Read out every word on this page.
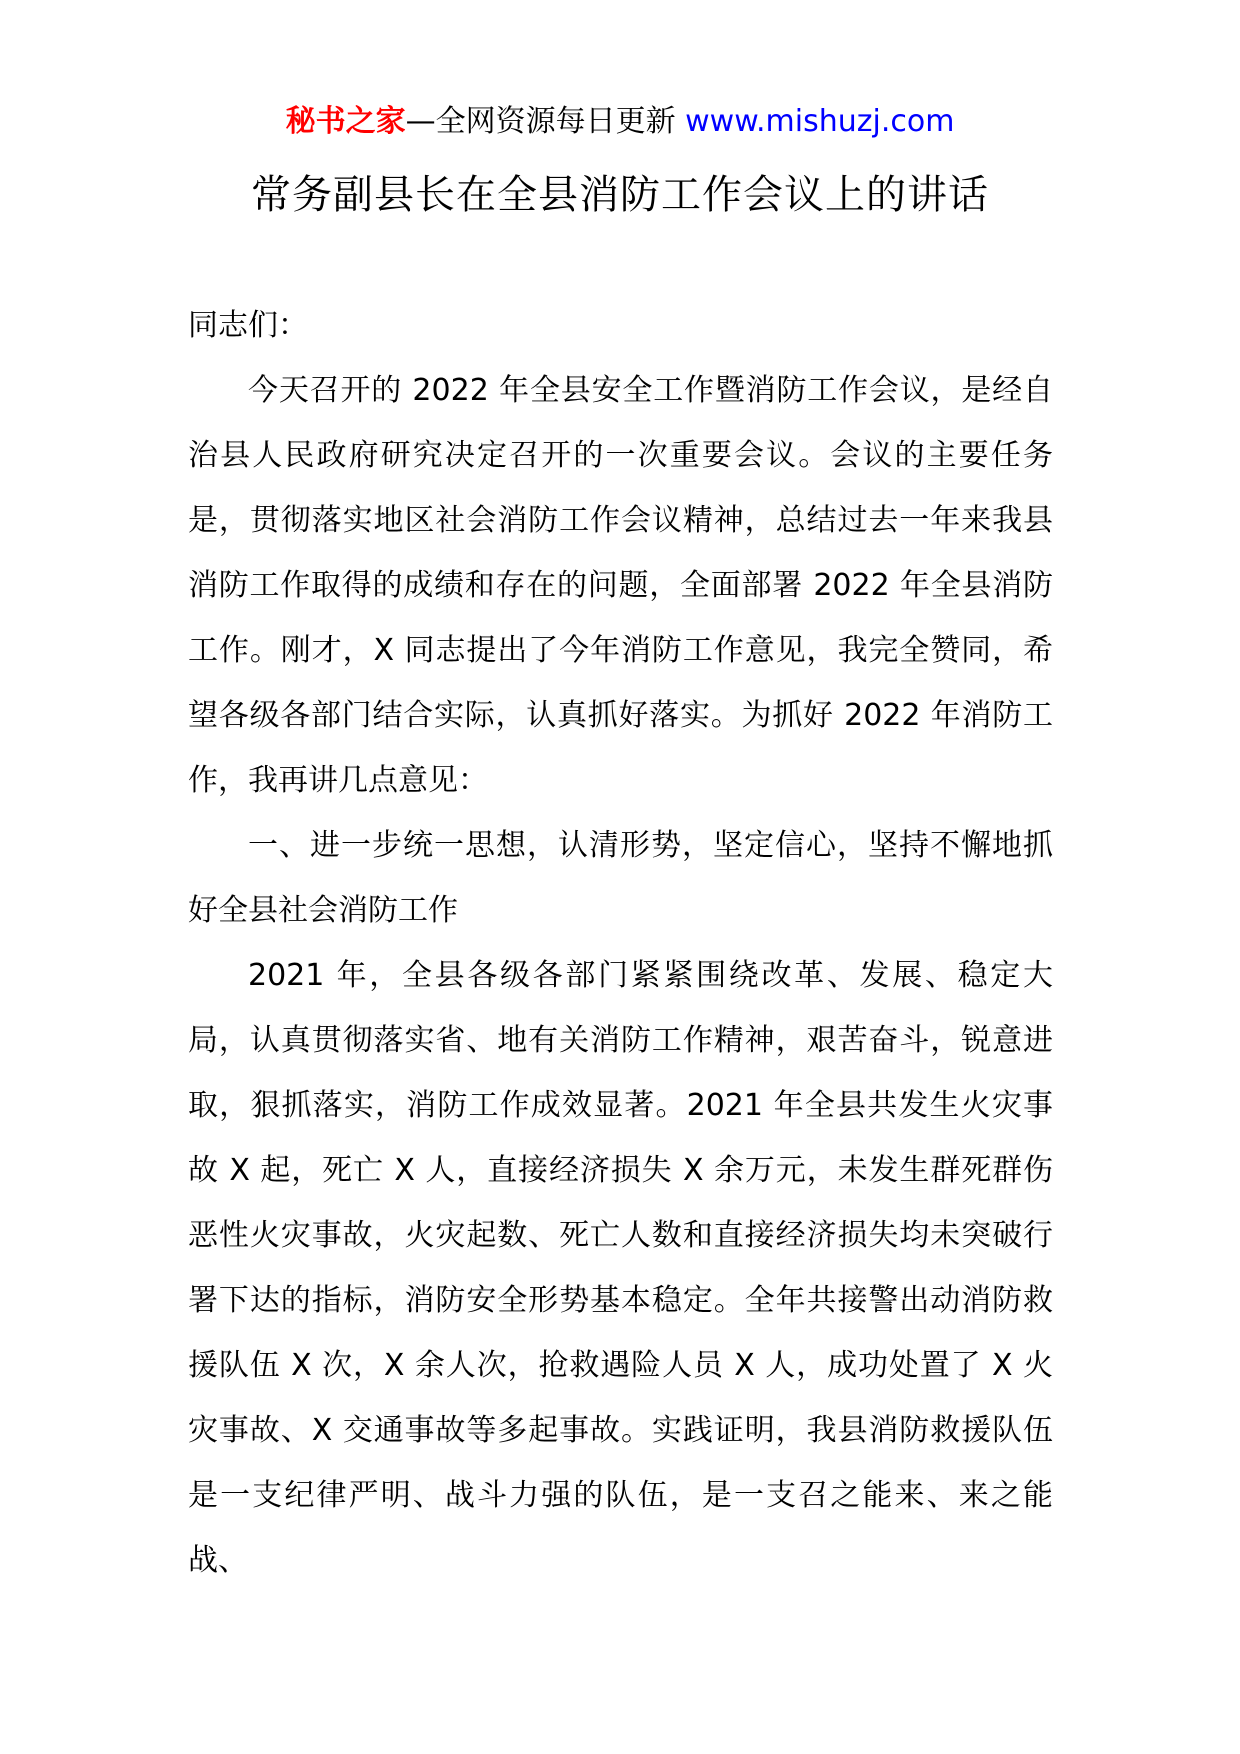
秘书之家—全网资源每日更新 www.mishuzj.com
常务副县长在全县消防工作会议上的讲话

同志们：

今天召开的 2022 年全县安全工作暨消防工作会议，是经自治县人民政府研究决定召开的一次重要会议。会议的主要任务是，贯彻落实地区社会消防工作会议精神，总结过去一年来我县消防工作取得的成绩和存在的问题，全面部署 2022 年全县消防工作。刚才，X 同志提出了今年消防工作意见，我完全赞同，希望各级各部门结合实际，认真抓好落实。为抓好 2022 年消防工作，我再讲几点意见：

一、进一步统一思想，认清形势，坚定信心，坚持不懈地抓好全县社会消防工作

2021 年，全县各级各部门紧紧围绕改革、发展、稳定大局，认真贯彻落实省、地有关消防工作精神，艰苦奋斗，锐意进取，狠抓落实，消防工作成效显著。2021 年全县共发生火灾事故 X 起，死亡 X 人，直接经济损失 X 余万元，未发生群死群伤恶性火灾事故，火灾起数、死亡人数和直接经济损失均未突破行署下达的指标，消防安全形势基本稳定。全年共接警出动消防救援队伍 X 次，X 余人次，抢救遇险人员 X 人，成功处置了 X 火灾事故、X 交通事故等多起事故。实践证明，我县消防救援队伍是一支纪律严明、战斗力强的队伍，是一支召之能来、来之能战、
